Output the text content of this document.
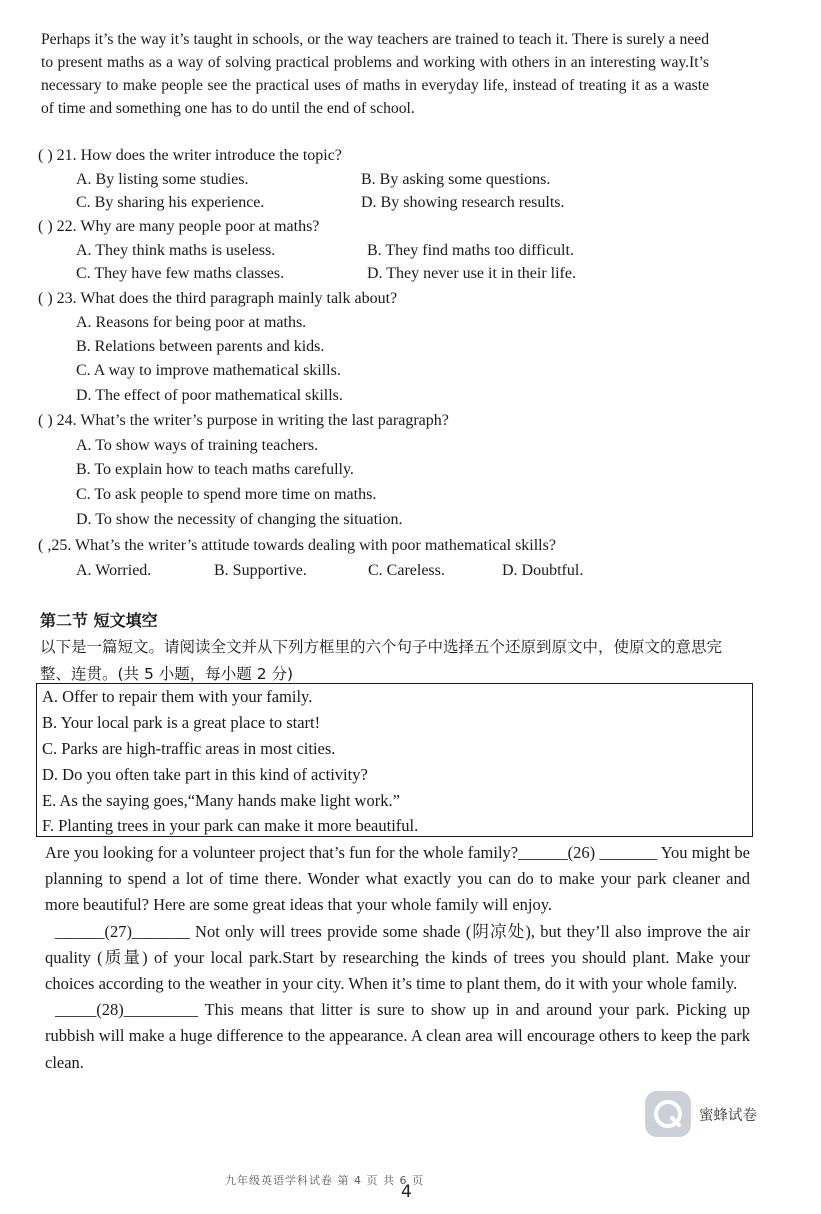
Perhaps it’s the way it’s taught in schools, or the way teachers are trained to teach it. There is surely a need to present maths as a way of solving practical problems and working with others in an interesting way.It’s necessary to make people see the practical uses of maths in everyday life, instead of treating it as a waste of time and something one has to do until the end of school.
( ) 21. How does the writer introduce the topic?
A. By listing some studies.	B. By asking some questions.
C. By sharing his experience.	D. By showing research results.
( ) 22. Why are many people poor at maths?
A. They think maths is useless.	B. They find maths too difficult.
C. They have few maths classes.	D. They never use it in their life.
( ) 23. What does the third paragraph mainly talk about?
A. Reasons for being poor at maths.
B. Relations between parents and kids.
C. A way to improve mathematical skills.
D. The effect of poor mathematical skills.
( ) 24. What’s the writer’s purpose in writing the last paragraph?
A. To show ways of training teachers.
B. To explain how to teach maths carefully.
C. To ask people to spend more time on maths.
D. To show the necessity of changing the situation.
( ,25. What’s the writer’s attitude towards dealing with poor mathematical skills?
A. Worried.	B. Supportive.	C. Careless.	D. Doubtful.
第二节 短文填空
以下是一篇短文。请阅读全文并从下列方框里的六个句子中选择五个还原到原文中，使原文的意思完整、连贯。(共 5 小题，每小题 2 分)
A. Offer to repair them with your family.
B. Your local park is a great place to start!
C. Parks are high-traffic areas in most cities.
D. Do you often take part in this kind of activity?
E. As the saying goes,“Many hands make light work.”
F. Planting trees in your park can make it more beautiful.

Are you looking for a volunteer project that’s fun for the whole family?______(26) _______ You might be planning to spend a lot of time there. Wonder what exactly you can do to make your park cleaner and more beautiful? Here are some great ideas that your whole family will enjoy.

______(27)_______ Not only will trees provide some shade (阴凉处), but they’ll also improve the air quality (质量) of your local park.Start by researching the kinds of trees you should plant. Make your choices according to the weather in your city. When it’s time to plant them, do it with your whole family.

_____(28)_________ This means that litter is sure to show up in and around your park. Picking up rubbish will make a huge difference to the appearance. A clean area will encourage others to keep the park clean.

蜜蜂试卷
九年级英语学科试卷 第 4 页 共 6 页
4
